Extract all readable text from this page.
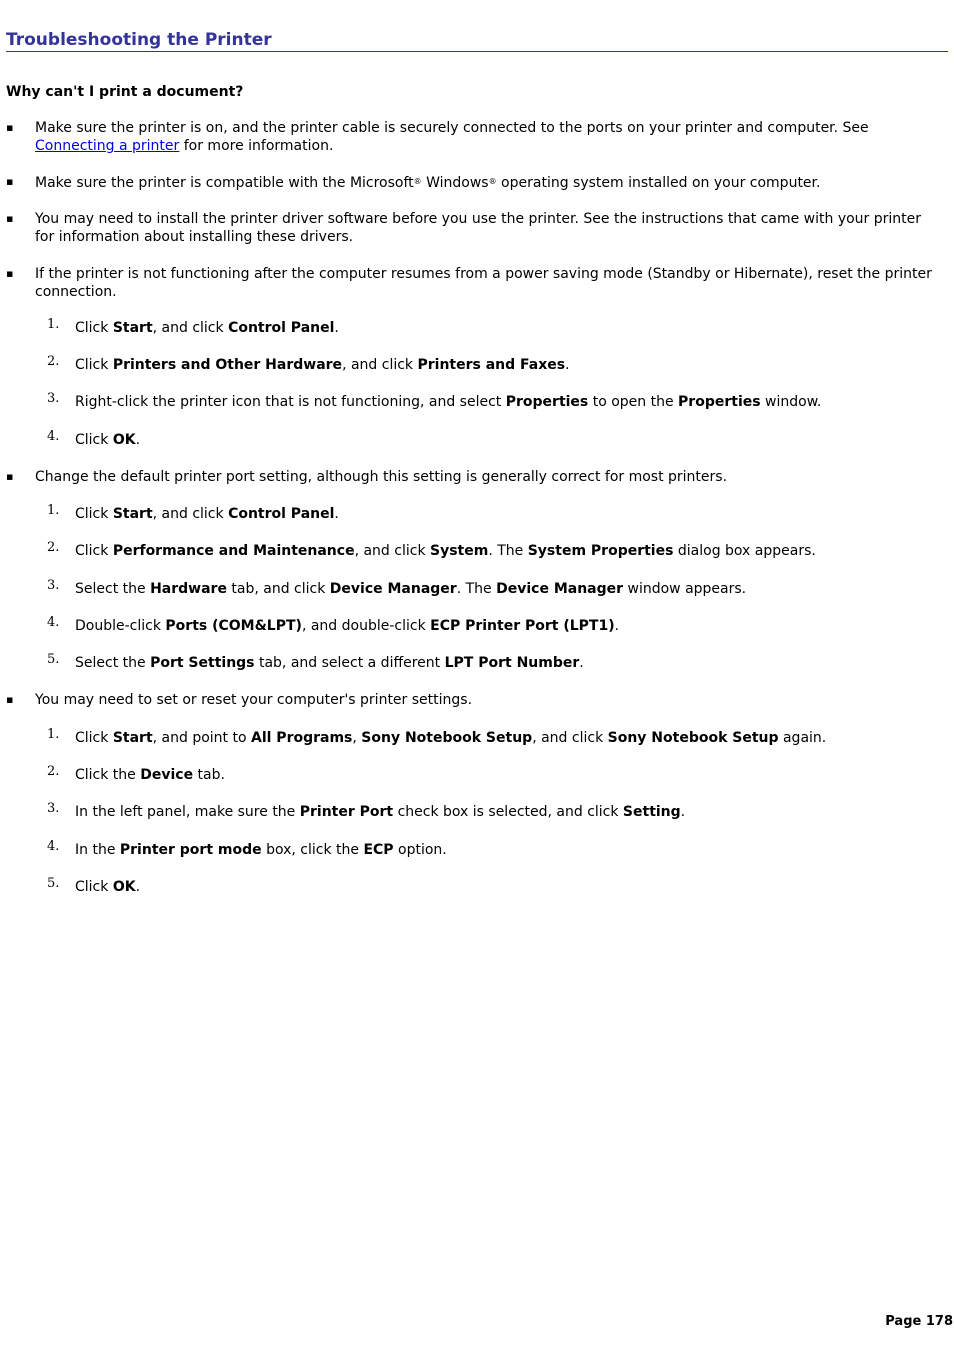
Troubleshooting the Printer
Why can't I print a document?
▪ Make sure the printer is on, and the printer cable is securely connected to the ports on your printer and computer. See Connecting a printer for more information.
▪ Make sure the printer is compatible with the Microsoft® Windows® operating system installed on your computer.
▪ You may need to install the printer driver software before you use the printer. See the instructions that came with your printer for information about installing these drivers.
▪ If the printer is not functioning after the computer resumes from a power saving mode (Standby or Hibernate), reset the printer connection.
1. Click Start, and click Control Panel.
2. Click Printers and Other Hardware, and click Printers and Faxes.
3. Right-click the printer icon that is not functioning, and select Properties to open the Properties window.
4. Click OK.
▪ Change the default printer port setting, although this setting is generally correct for most printers.
1. Click Start, and click Control Panel.
2. Click Performance and Maintenance, and click System. The System Properties dialog box appears.
3. Select the Hardware tab, and click Device Manager. The Device Manager window appears.
4. Double-click Ports (COM&LPT), and double-click ECP Printer Port (LPT1).
5. Select the Port Settings tab, and select a different LPT Port Number.
▪ You may need to set or reset your computer's printer settings.
1. Click Start, and point to All Programs, Sony Notebook Setup, and click Sony Notebook Setup again.
2. Click the Device tab.
3. In the left panel, make sure the Printer Port check box is selected, and click Setting.
4. In the Printer port mode box, click the ECP option.
5. Click OK.
Page 178
